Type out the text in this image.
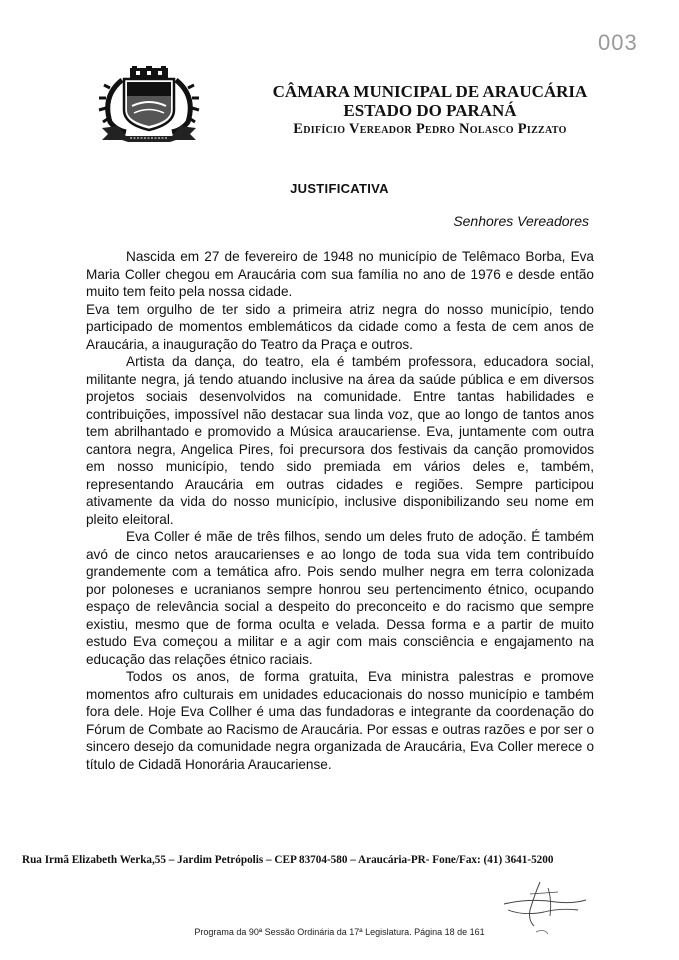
003
CÂMARA MUNICIPAL DE ARAUCÁRIA
ESTADO DO PARANÁ
Edifício Vereador Pedro Nolasco Pizzato
JUSTIFICATIVA
Senhores Vereadores

Nascida em 27 de fevereiro de 1948 no município de Telêmaco Borba, Eva Maria Coller chegou em Araucária com sua família no ano de 1976 e desde então muito tem feito pela nossa cidade.

Eva tem orgulho de ter sido a primeira atriz negra do nosso município, tendo participado de momentos emblemáticos da cidade como a festa de cem anos de Araucária, a inauguração do Teatro da Praça e outros.

Artista da dança, do teatro, ela é também professora, educadora social, militante negra, já tendo atuando inclusive na área da saúde pública e em diversos projetos sociais desenvolvidos na comunidade. Entre tantas habilidades e contribuições, impossível não destacar sua linda voz, que ao longo de tantos anos tem abrilhantado e promovido a Música araucariense. Eva, juntamente com outra cantora negra, Angelica Pires, foi precursora dos festivais da canção promovidos em nosso município, tendo sido premiada em vários deles e, também, representando Araucária em outras cidades e regiões. Sempre participou ativamente da vida do nosso município, inclusive disponibilizando seu nome em pleito eleitoral.

Eva Coller é mãe de três filhos, sendo um deles fruto de adoção. É também avó de cinco netos araucarienses e ao longo de toda sua vida tem contribuído grandemente com a temática afro. Pois sendo mulher negra em terra colonizada por poloneses e ucranianos sempre honrou seu pertencimento étnico, ocupando espaço de relevância social a despeito do preconceito e do racismo que sempre existiu, mesmo que de forma oculta e velada. Dessa forma e a partir de muito estudo Eva começou a militar e a agir com mais consciência e engajamento na educação das relações étnico raciais.

Todos os anos, de forma gratuita, Eva ministra palestras e promove momentos afro culturais em unidades educacionais do nosso município e também fora dele. Hoje Eva Collher é uma das fundadoras e integrante da coordenação do Fórum de Combate ao Racismo de Araucária. Por essas e outras razões e por ser o sincero desejo da comunidade negra organizada de Araucária, Eva Coller merece o título de Cidadã Honorária Araucariense.

Rua Irmã Elizabeth Werka,55 – Jardim Petrópolis – CEP 83704-580 – Araucária-PR- Fone/Fax: (41) 3641-5200
Programa da 90ª Sessão Ordinária da 17ª Legislatura. Página 18 de 161
